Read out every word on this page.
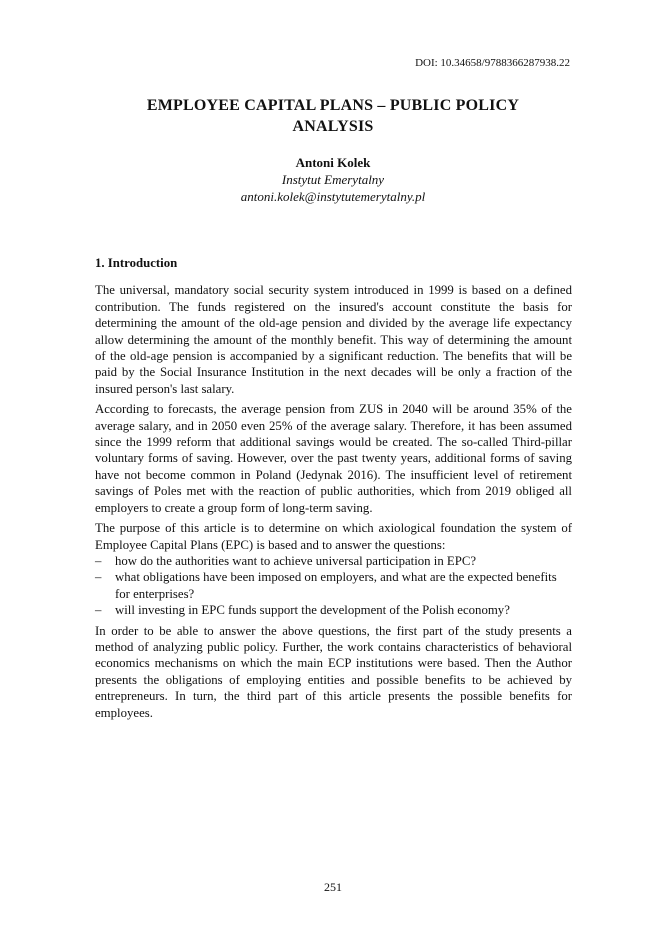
DOI: 10.34658/9788366287938.22
EMPLOYEE CAPITAL PLANS – PUBLIC POLICY
ANALYSIS
Antoni Kolek
Instytut Emerytalny
antoni.kolek@instytutemerytalny.pl
1. Introduction

The universal, mandatory social security system introduced in 1999 is based on a defined contribution. The funds registered on the insured's account constitute the basis for determining the amount of the old-age pension and divided by the average life expectancy allow determining the amount of the monthly benefit. This way of determining the amount of the old-age pension is accompanied by a significant reduction. The benefits that will be paid by the Social Insurance Institution in the next decades will be only a fraction of the insured person's last salary.

According to forecasts, the average pension from ZUS in 2040 will be around 35% of the average salary, and in 2050 even 25% of the average salary. Therefore, it has been assumed since the 1999 reform that additional savings would be created. The so-called Third-pillar voluntary forms of saving. However, over the past twenty years, additional forms of saving have not become common in Poland (Jedynak 2016). The insufficient level of retirement savings of Poles met with the reaction of public authorities, which from 2019 obliged all employers to create a group form of long-term saving.

The purpose of this article is to determine on which axiological foundation the system of Employee Capital Plans (EPC) is based and to answer the questions:

– how do the authorities want to achieve universal participation in EPC?
– what obligations have been imposed on employers, and what are the expected benefits for enterprises?
– will investing in EPC funds support the development of the Polish economy?

In order to be able to answer the above questions, the first part of the study presents a method of analyzing public policy. Further, the work contains characteristics of behavioral economics mechanisms on which the main ECP institutions were based. Then the Author presents the obligations of employing entities and possible benefits to be achieved by entrepreneurs. In turn, the third part of this article presents the possible benefits for employees.

251
